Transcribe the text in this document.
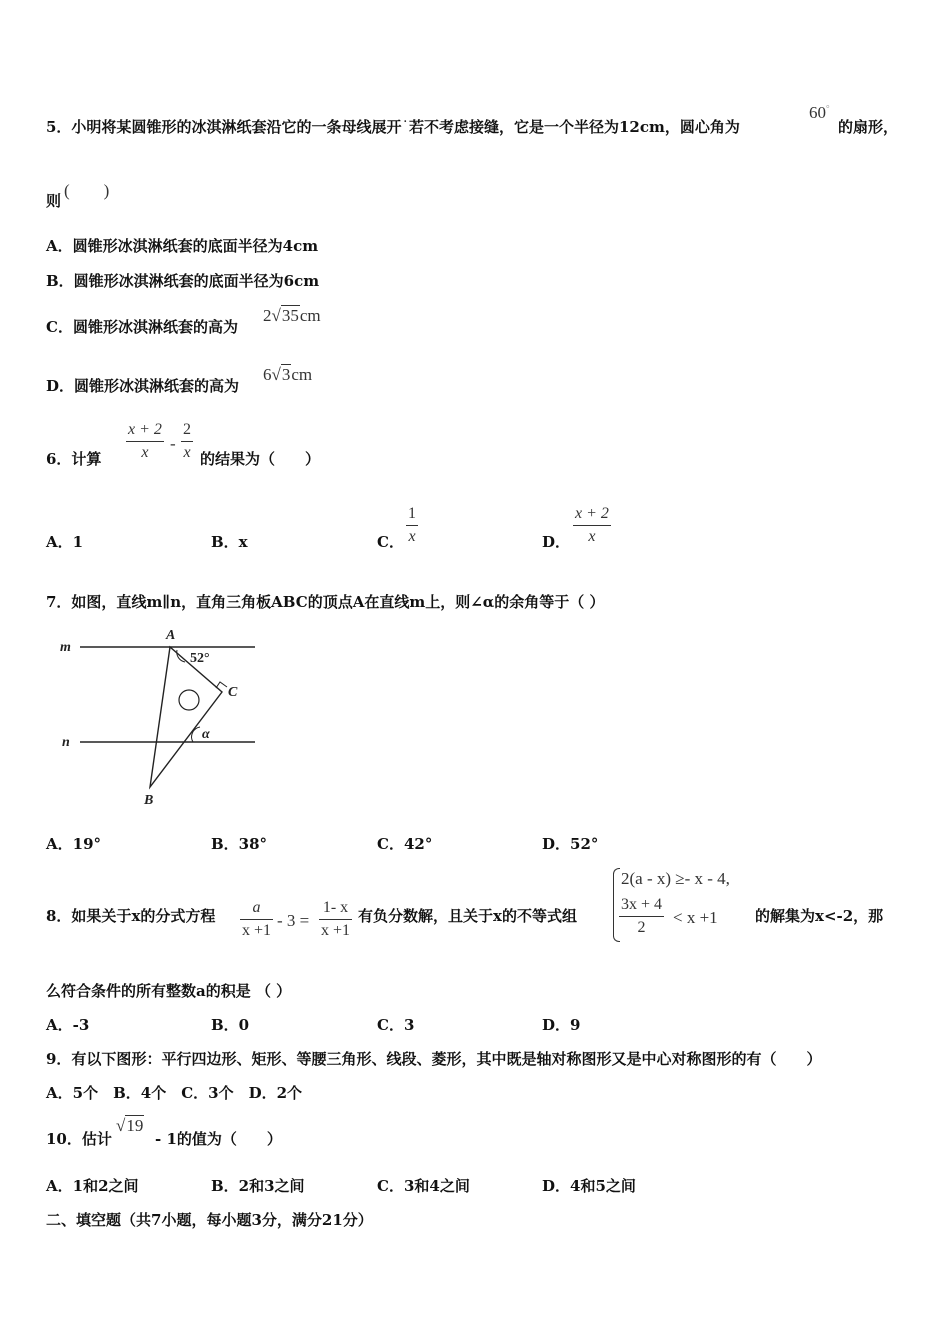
5．小明将某圆锥形的冰淇淋纸套沿它的一条母线展开˙若不考虑接缝，它是一个半径为12cm，圆心角为
60°
的扇形，
则
(　　)
A．圆锥形冰淇淋纸套的底面半径为4cm
B．圆锥形冰淇淋纸套的底面半径为6cm
C．圆锥形冰淇淋纸套的高为
2√35cm
D．圆锥形冰淇淋纸套的高为
6√3cm
6．计算
x + 2
x	-
2
x 的结果为（　　）
A．1	B．x	C．
1
x	D．
x + 2
x
7．如图，直线m∥n，直角三角板ABC的顶点A在直线m上，则∠α的余角等于（ ）
m
n
A
B
C
52°
α
A．19°	B．38°	C．42°	D．52°
8．如果关于x的分式方程	a
x +1
- 3 =
1- x
x +1
有负分数解，且关于x的不等式组
2(a - x) ≥- x - 4,
3x + 4
2
< x +1 的解集为x<-2，那
么符合条件的所有整数a的积是 （ ）
A．-3	B．0	C．3	D．9
9．有以下图形：平行四边形、矩形、等腰三角形、线段、菱形，其中既是轴对称图形又是中心对称图形的有（　　）
A．5个　B．4个　C．3个　D．2个
10．估计
√19
- 1的值为（　　）
A．1和2之间	B．2和3之间	C．3和4之间	D．4和5之间
二、填空题（共7小题，每小题3分，满分21分）
